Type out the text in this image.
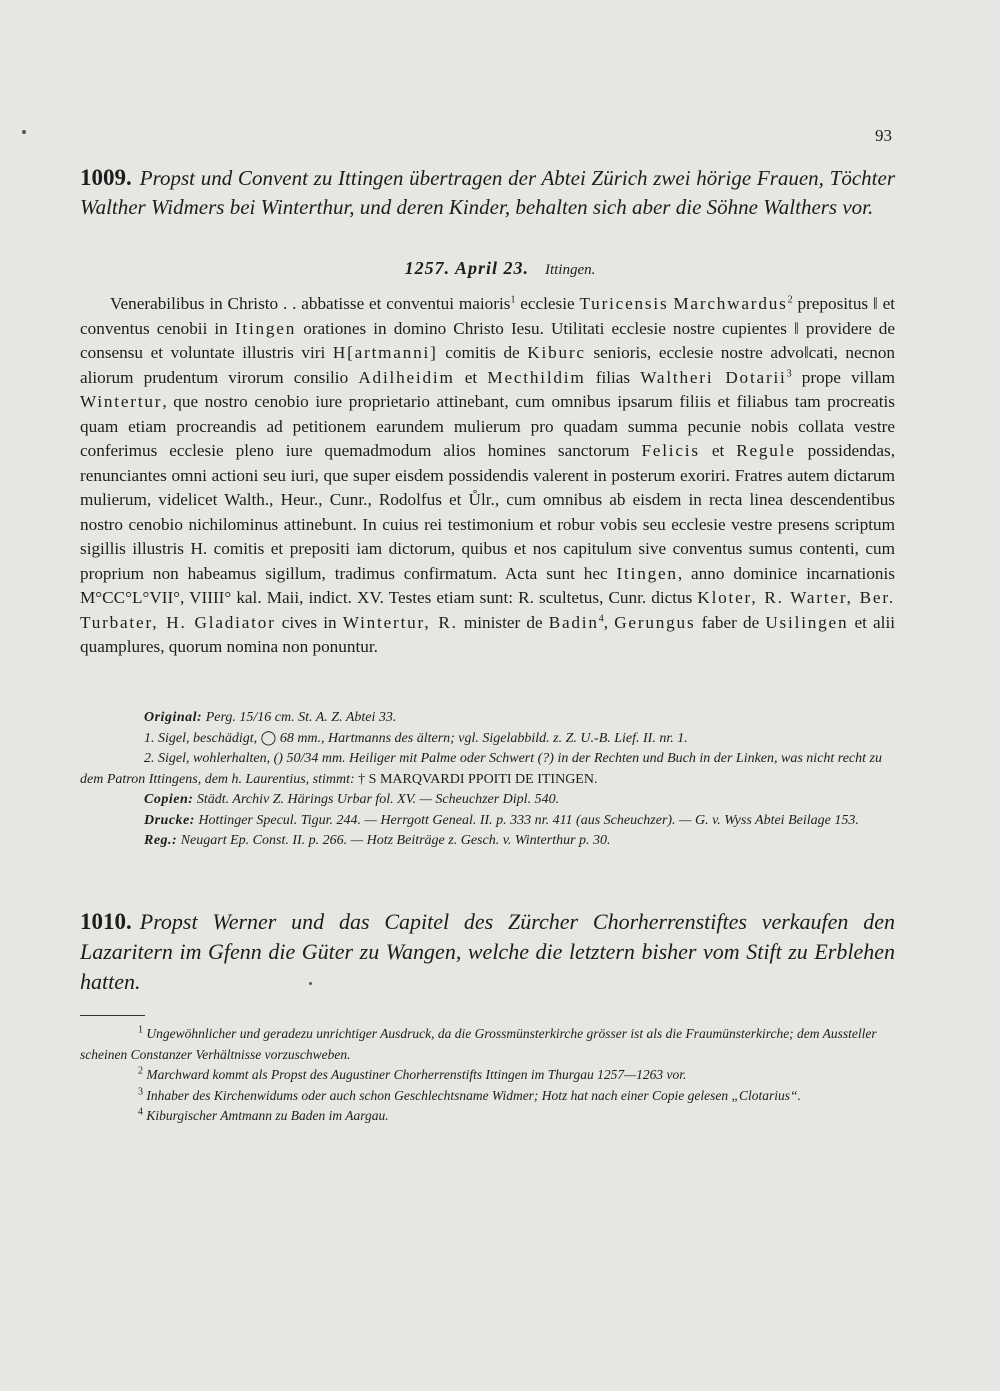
93
1009. Propst und Convent zu Ittingen übertragen der Abtei Zürich zwei hörige Frauen, Töchter Walther Widmers bei Winterthur, und deren Kinder, behalten sich aber die Söhne Walthers vor.
1257. April 23. Ittingen.

Venerabilibus in Christo . . abbatisse et conventui maioris$^1$ ecclesie Turicensis Marchwardus$^2$ prepositus ‖ et conventus cenobii in Itingen orationes in domino Christo Iesu. Utilitati ecclesie nostre cupientes ‖ providere de consensu et voluntate illustris viri H[artmanni] comitis de Kiburc senioris, ecclesie nostre advo‖cati, necnon aliorum prudentum virorum consilio Adilheidim et Mecthildim filias Waltheri Dotarii$^3$ prope villam Wintertur, que nostro cenobio iure proprietario attinebant, cum omnibus ipsarum filiis et filiabus tam procreatis quam etiam procreandis ad petitionem earundem mulierum pro quadam summa pecunie nobis collata vestre conferimus ecclesie pleno iure quemadmodum alios homines sanctorum Felicis et Regule possidendas, renunciantes omni actioni seu iuri, que super eisdem possidendis valerent in posterum exoriri. Fratres autem dictarum mulierum, videlicet Walth., Heur., Cunr., Rodolfus et Ůlr., cum omnibus ab eisdem in recta linea descendentibus nostro cenobio nichilominus attinebunt. In cuius rei testimonium et robur vobis seu ecclesie vestre presens scriptum sigillis illustris H. comitis et prepositi iam dictorum, quibus et nos capitulum sive conventus sumus contenti, cum proprium non habeamus sigillum, tradimus confirmatum. Acta sunt hec Itingen, anno dominice incarnationis M°CC°L°VII°, VIIII° kal. Maii, indict. XV. Testes etiam sunt: R. scultetus, Cunr. dictus Kloter, R. Warter, Ber. Turbater, H. Gladiator cives in Wintertur, R. minister de Badin$^4$, Gerungus faber de Usilingen et alii quamplures, quorum nomina non ponuntur.

Original: Perg. 15/16 cm. St. A. Z. Abtei 33.

1. Sigel, beschädigt, ◯ 68 mm., Hartmanns des ältern; vgl. Sigelabbild. z. Z. U.-B. Lief. II. nr. 1.

2. Sigel, wohlerhalten, () 50/34 mm. Heiliger mit Palme oder Schwert (?) in der Rechten und Buch in der Linken, was nicht recht zu dem Patron Ittingens, dem h. Laurentius, stimmt: † S MARQVARDI PPOITI DE ITINGEN.

Copien: Städt. Archiv Z. Härings Urbar fol. XV. — Scheuchzer Dipl. 540.

Drucke: Hottinger Specul. Tigur. 244. — Herrgott Geneal. II. p. 333 nr. 411 (aus Scheuchzer). — G. v. Wyss Abtei Beilage 153.

Reg.: Neugart Ep. Const. II. p. 266. — Hotz Beiträge z. Gesch. v. Winterthur p. 30.

1010. Propst Werner und das Capitel des Zürcher Chorherrenstiftes verkaufen den Lazaritern im Gfenn die Güter zu Wangen, welche die letztern bisher vom Stift zu Erblehen hatten.

$^1$ Ungewöhnlicher und geradezu unrichtiger Ausdruck, da die Grossmünsterkirche grösser ist als die Fraumünsterkirche; dem Aussteller scheinen Constanzer Verhältnisse vorzuschweben.

$^2$ Marchward kommt als Propst des Augustiner Chorherrenstifts Ittingen im Thurgau 1257—1263 vor.

$^3$ Inhaber des Kirchenwidums oder auch schon Geschlechtsname Widmer; Hotz hat nach einer Copie gelesen „Clotarius“.

$^4$ Kiburgischer Amtmann zu Baden im Aargau.
